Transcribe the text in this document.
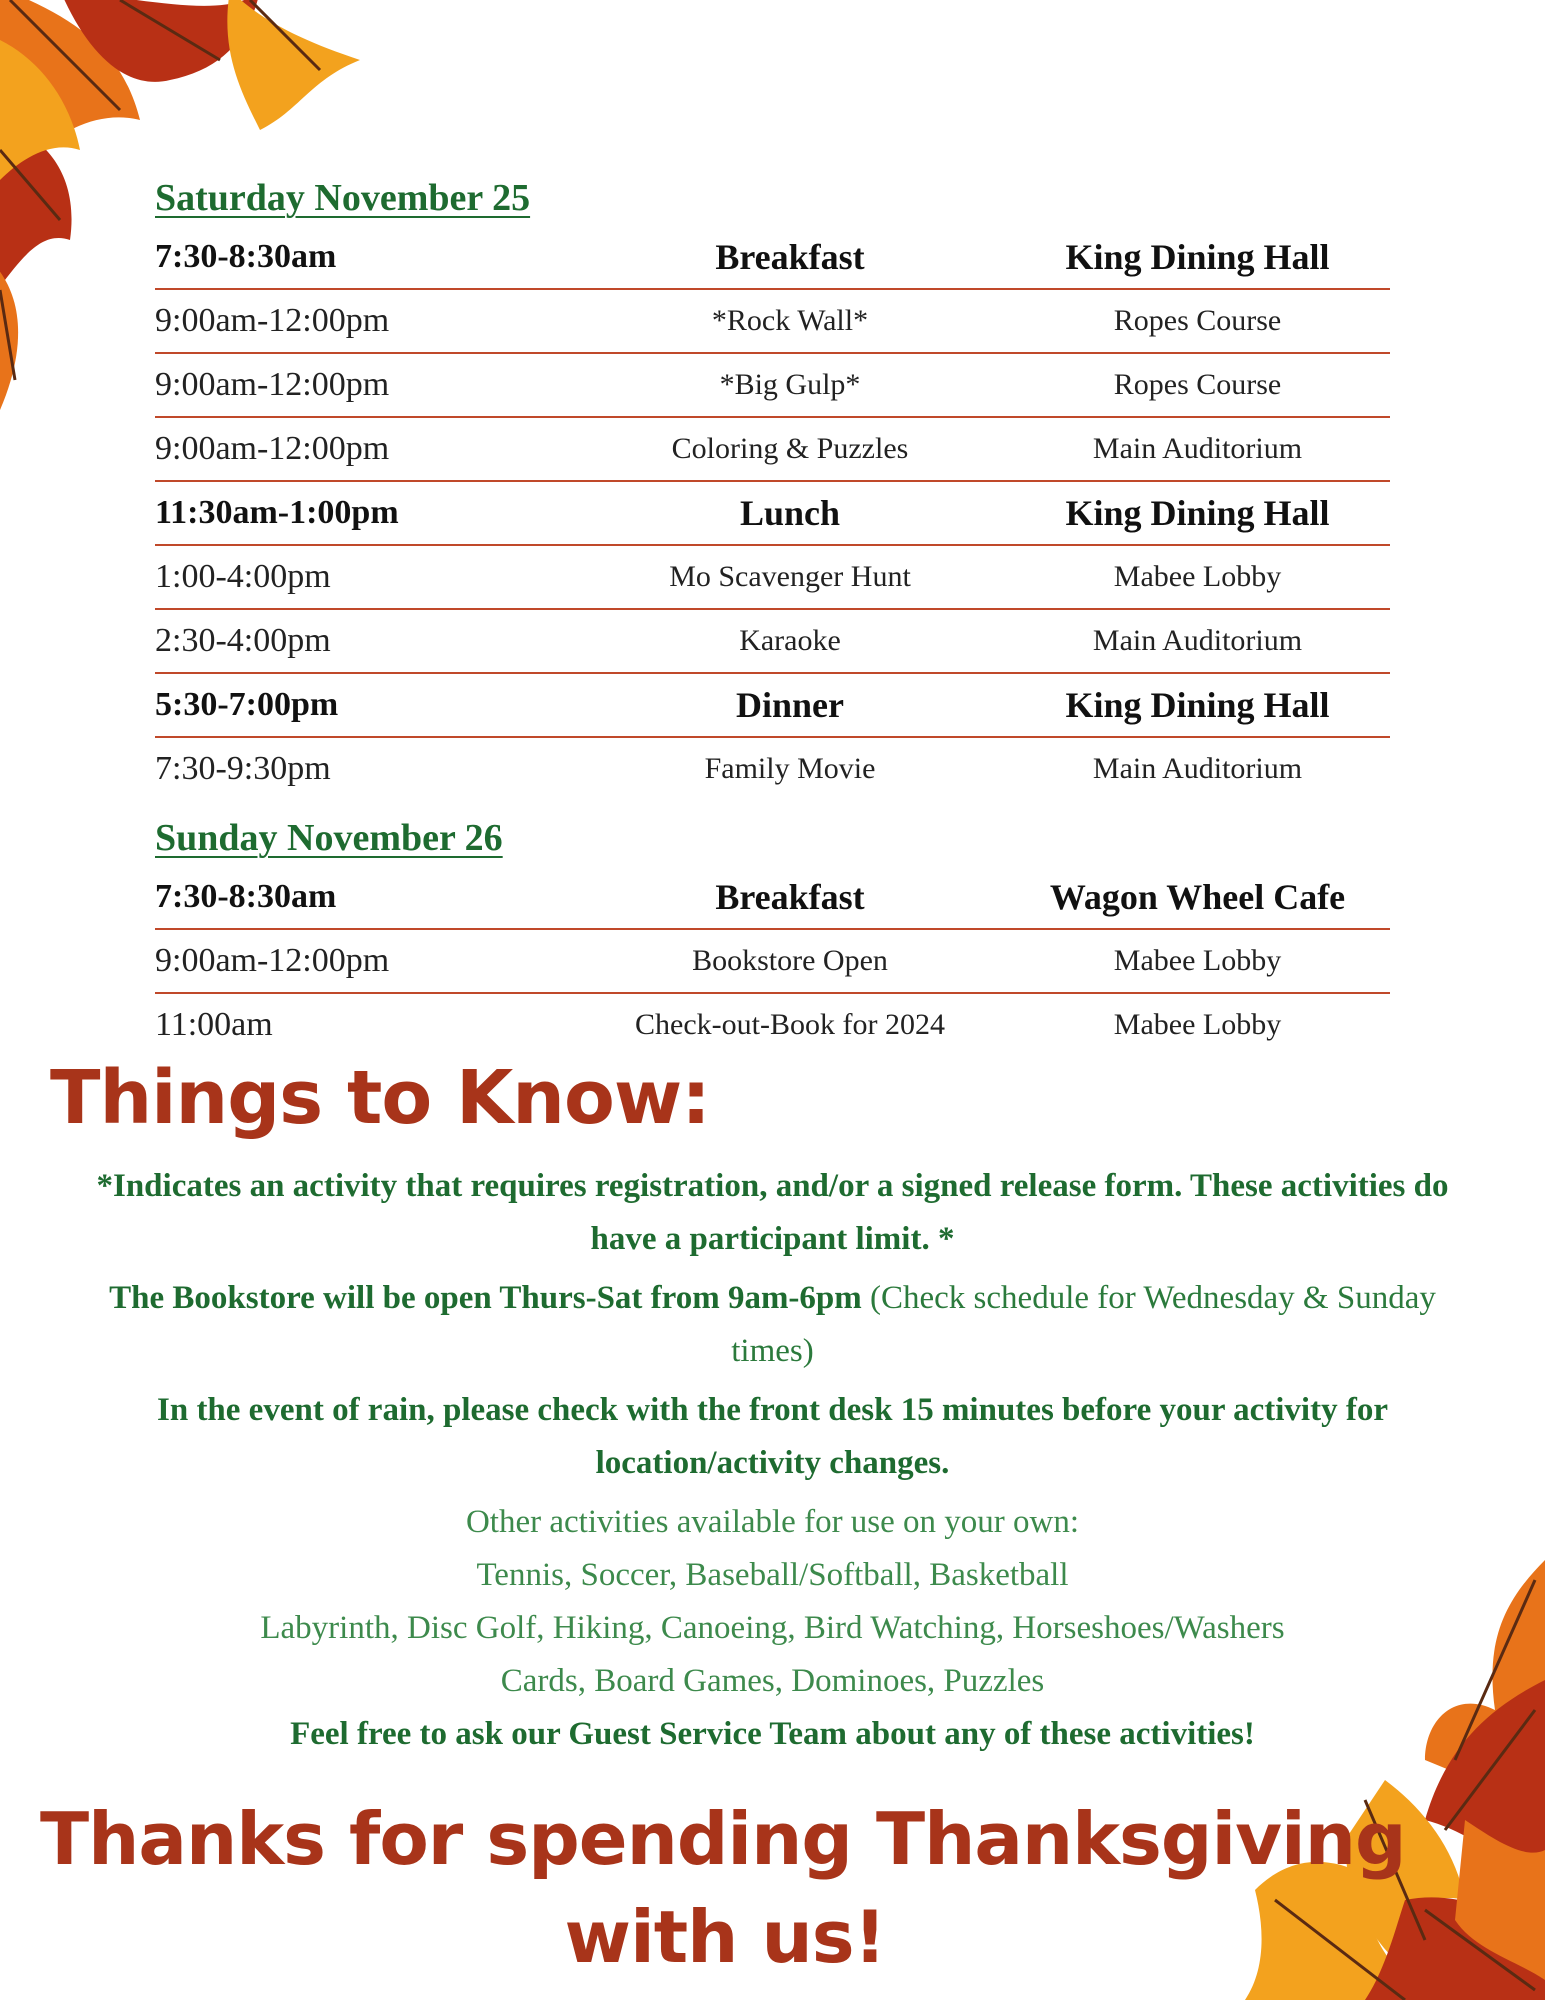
Saturday November 25
7:30-8:30am	Breakfast	King Dining Hall
9:00am-12:00pm	*Rock Wall*	Ropes Course
9:00am-12:00pm	*Big Gulp*	Ropes Course
9:00am-12:00pm	Coloring & Puzzles	Main Auditorium
11:30am-1:00pm	Lunch	King Dining Hall
1:00-4:00pm	Mo Scavenger Hunt	Mabee Lobby
2:30-4:00pm	Karaoke	Main Auditorium
5:30-7:00pm	Dinner	King Dining Hall
7:30-9:30pm	Family Movie	Main Auditorium
Sunday November 26
7:30-8:30am	Breakfast	Wagon Wheel Cafe
9:00am-12:00pm	Bookstore Open	Mabee Lobby
11:00am	Check-out-Book for 2024	Mabee Lobby
Things to Know:

*Indicates an activity that requires registration, and/or a signed release form. These activities do have a participant limit. *

The Bookstore will be open Thurs-Sat from 9am-6pm (Check schedule for Wednesday & Sunday times)

In the event of rain, please check with the front desk 15 minutes before your activity for location/activity changes.

Other activities available for use on your own:

Tennis, Soccer, Baseball/Softball, Basketball

Labyrinth, Disc Golf, Hiking, Canoeing, Bird Watching, Horseshoes/Washers

Cards, Board Games, Dominoes, Puzzles

Feel free to ask our Guest Service Team about any of these activities!

Thanks for spending Thanksgiving
with us!
